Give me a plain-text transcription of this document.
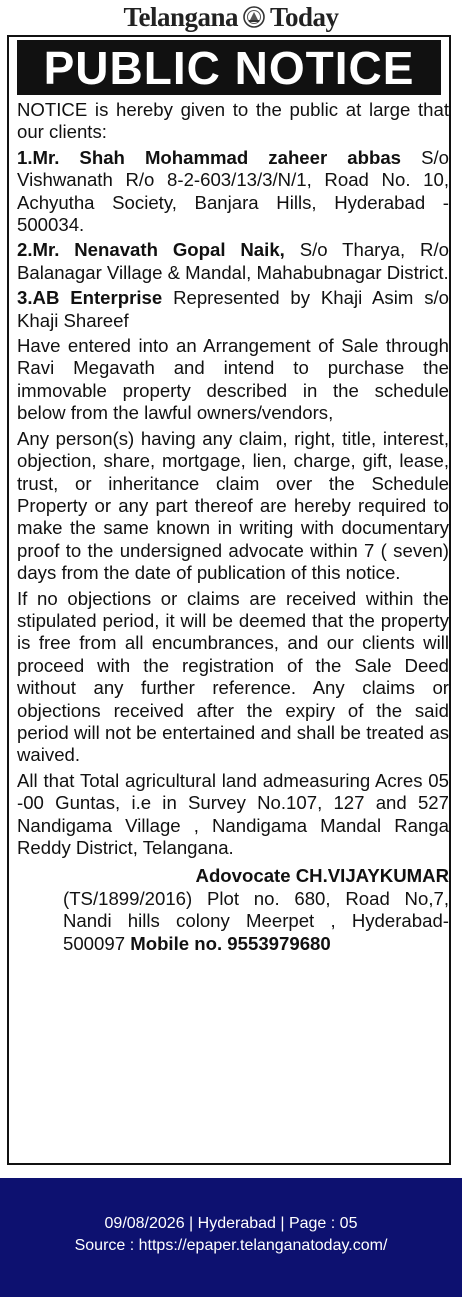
Telangana Today
PUBLIC NOTICE

NOTICE is hereby given to the public at large that our clients:

1.Mr. Shah Mohammad zaheer abbas S/o Vishwanath R/o 8-2-603/13/3/N/1, Road No. 10, Achyutha Society, Banjara Hills, Hyderabad - 500034.
2.Mr. Nenavath Gopal Naik, S/o Tharya, R/o Balanagar Village & Mandal, Mahabubnagar District.
3.AB Enterprise Represented by Khaji Asim s/o Khaji Shareef

Have entered into an Arrangement of Sale through Ravi Megavath and intend to purchase the immovable property described in the schedule below from the lawful owners/vendors,

Any person(s) having any claim, right, title, interest, objection, share, mortgage, lien, charge, gift, lease, trust, or inheritance claim over the Schedule Property or any part thereof are hereby required to make the same known in writing with documentary proof to the undersigned advocate within 7 ( seven) days from the date of publication of this notice.

If no objections or claims are received within the stipulated period, it will be deemed that the property is free from all encumbrances, and our clients will proceed with the registration of the Sale Deed without any further reference. Any claims or objections received after the expiry of the said period will not be entertained and shall be treated as waived.

All that Total agricultural land admeasuring Acres 05 -00 Guntas, i.e in Survey No.107, 127 and 527 Nandigama Village , Nandigama Mandal Ranga Reddy District, Telangana.

Adovocate CH.VIJAYKUMAR
(TS/1899/2016) Plot no. 680, Road No,7, Nandi hills colony Meerpet , Hyderabad-500097 Mobile no. 9553979680
09/08/2026 | Hyderabad | Page : 05
Source : https://epaper.telanganatoday.com/
